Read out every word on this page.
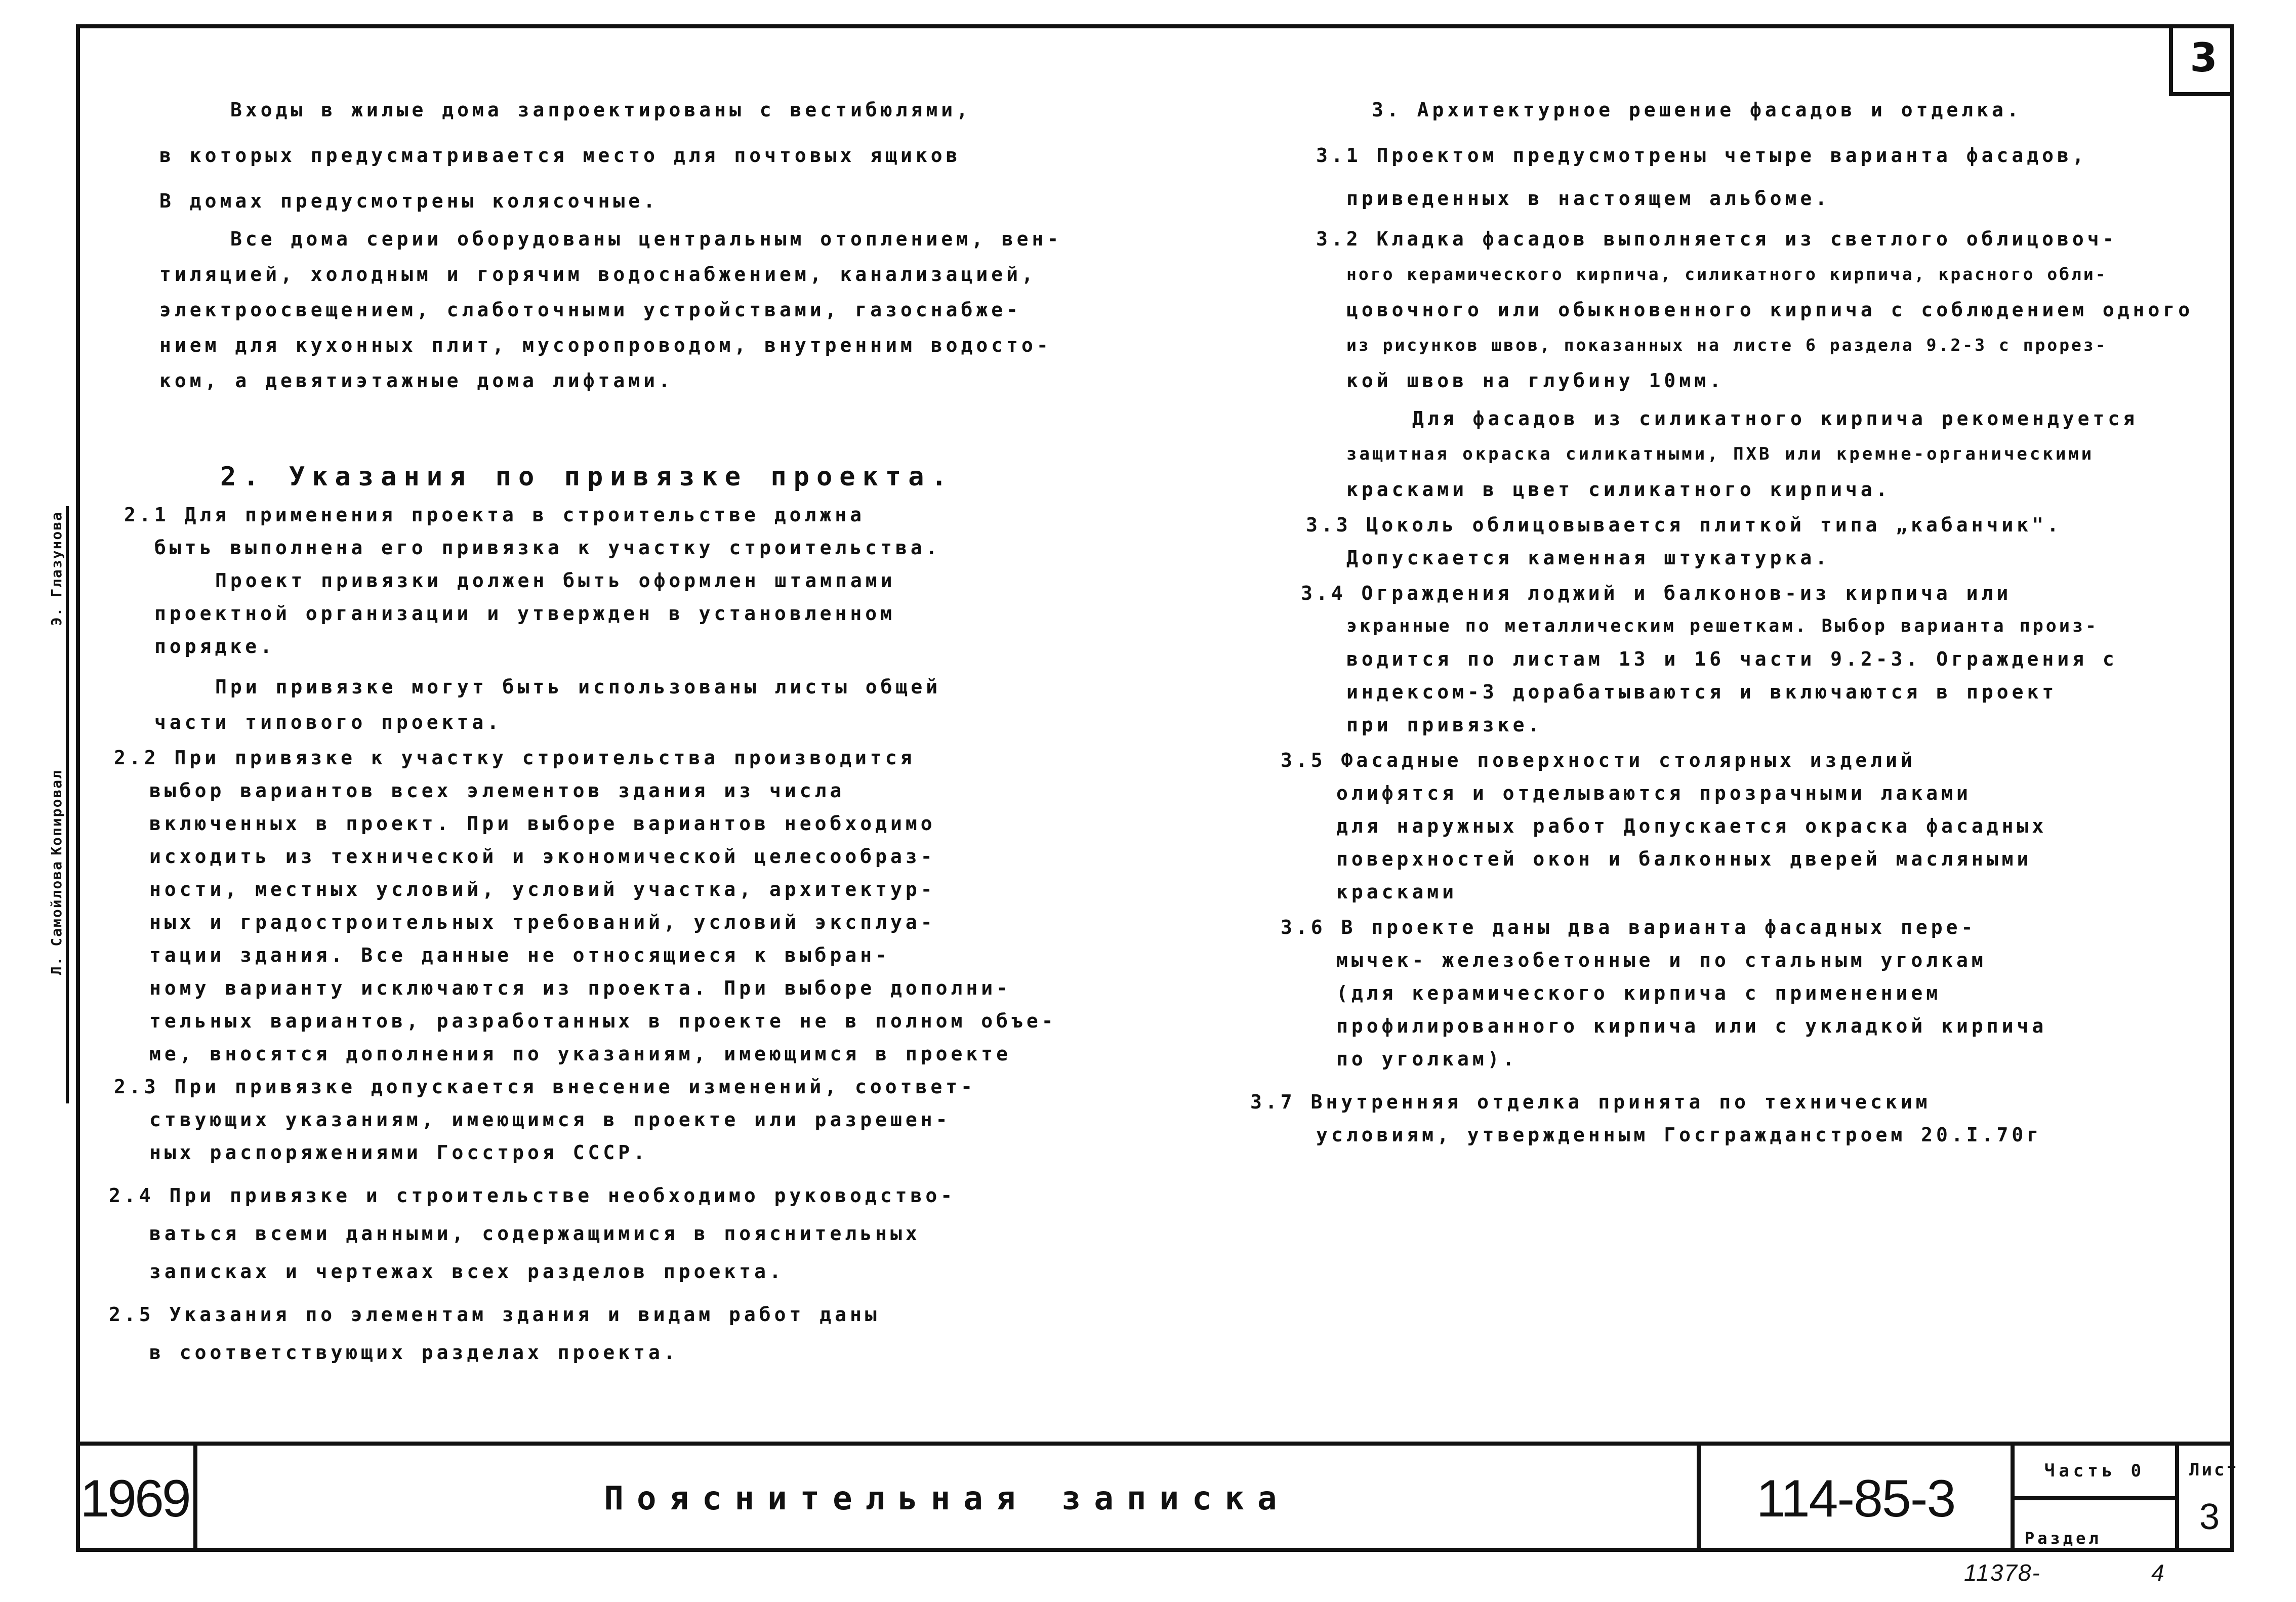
3
Э. Глазунова
Л. Самойлова
Копировал
Входы в жилые дома запроектированы с вестибюлями,
в которых предусматривается место для почтовых ящиков
В домах предусмотрены колясочные.
Все дома серии оборудованы центральным отоплением, вен-
тиляцией, холодным и горячим водоснабжением, канализацией,
электроосвещением, слаботочными устройствами, газоснабже-
нием для кухонных плит, мусоропроводом, внутренним водосто-
ком, а девятиэтажные дома лифтами.
2. Указания по привязке проекта.
2.1 Для применения проекта в строительстве должна
быть выполнена его привязка к участку строительства.
Проект привязки должен быть оформлен штампами
проектной организации и утвержден в установленном
порядке.
При привязке могут быть использованы листы общей
части типового проекта.
2.2 При привязке к участку строительства производится
выбор вариантов всех элементов здания из числа
включенных в проект. При выборе вариантов необходимо
исходить из технической и экономической целесообраз-
ности, местных условий, условий участка, архитектур-
ных и градостроительных требований, условий эксплуа-
тации здания. Все данные не относящиеся к выбран-
ному варианту исключаются из проекта. При выборе дополни-
тельных вариантов, разработанных в проекте не в полном объе-
ме, вносятся дополнения по указаниям, имеющимся в проекте
2.3 При привязке допускается внесение изменений, соответ-
ствующих указаниям, имеющимся в проекте или разрешен-
ных распоряжениями Госстроя СССР.
2.4 При привязке и строительстве необходимо руководство-
ваться всеми данными, содержащимися в пояснительных
записках и чертежах всех разделов проекта.
2.5 Указания по элементам здания и видам работ даны
в соответствующих разделах проекта.
3. Архитектурное решение фасадов и отделка.
3.1 Проектом предусмотрены четыре варианта фасадов,
приведенных в настоящем альбоме.
3.2 Кладка фасадов выполняется из светлого облицовоч-
ного керамического кирпича, силикатного кирпича, красного обли-
цовочного или обыкновенного кирпича с соблюдением одного
из рисунков швов, показанных на листе 6 раздела 9.2-3 с прорез-
кой швов на глубину 10мм.
Для фасадов из силикатного кирпича рекомендуется
защитная окраска силикатными, ПХВ или кремне-органическими
красками в цвет силикатного кирпича.
3.3 Цоколь облицовывается плиткой типа „кабанчик".
Допускается каменная штукатурка.
3.4 Ограждения лоджий и балконов-из кирпича или
экранные по металлическим решеткам. Выбор варианта произ-
водится по листам 13 и 16 части 9.2-3. Ограждения с
индексом-3 дорабатываются и включаются в проект
при привязке.
3.5 Фасадные поверхности столярных изделий
олифятся и отделываются прозрачными лаками
для наружных работ Допускается окраска фасадных
поверхностей окон и балконных дверей масляными
красками
3.6 В проекте даны два варианта фасадных пере-
мычек- железобетонные и по стальным уголкам
(для керамического кирпича с применением
профилированного кирпича или с укладкой кирпича
по уголкам).
3.7 Внутренняя отделка принята по техническим
условиям, утвержденным Госгражданстроем 20.I.70г
1969	Пояснительная записка	114-85-3	Часть 0
Раздел
Лист
3
11378-	4
